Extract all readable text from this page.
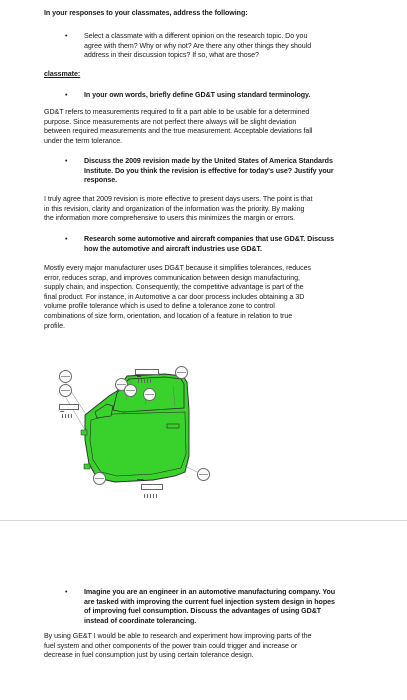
In your responses to your classmates, address the following:
• Select a classmate with a different opinion on the research topic. Do you
agree with them? Why or why not? Are there any other things they should
address in their discussion topics? If so, what are those?
classmate:
• In your own words, briefly define GD&T using standard terminology.
GD&T refers to measurements required to fit a part able to be usable for a determined
purpose. Since measurements are not perfect there always will be slight deviation
between required measurements and the true measurement. Acceptable deviations fall
under the term tolerance.
• Discuss the 2009 revision made by the United States of America Standards
Institute. Do you think the revision is effective for today's use? Justify your
response.
I truly agree that 2009 revision is more effective to present days users. The point is that
in this revision, clarity and organization of the information was the priority. By making
the information more comprehensive to users this minimizes the margin or errors.
• Research some automotive and aircraft companies that use GD&T. Discuss
how the automotive and aircraft industries use GD&T.
Mostly every major manufacturer uses DG&T because it simplifies tolerances, reduces
error, reduces scrap, and improves communication between design manufacturing,
supply chain, and inspection. Consequently, the competitive advantage is part of the
final product. For instance, in Automotive a car door process includes obtaining a 3D
volume profile tolerance which is used to define a tolerance zone to control
combinations of size form, orientation, and location of a feature in relation to true
profile.
▬▬
▬▬
▬▬▬
• Imagine you are an engineer in an automotive manufacturing company. You
are tasked with improving the current fuel injection system design in hopes
of improving fuel consumption. Discuss the advantages of using GD&T
instead of coordinate tolerancing.
By using GE&T I would be able to research and experiment how improving parts of the
fuel system and other components of the power train could trigger and increase or
decrease in fuel consumption just by using certain tolerance design.
